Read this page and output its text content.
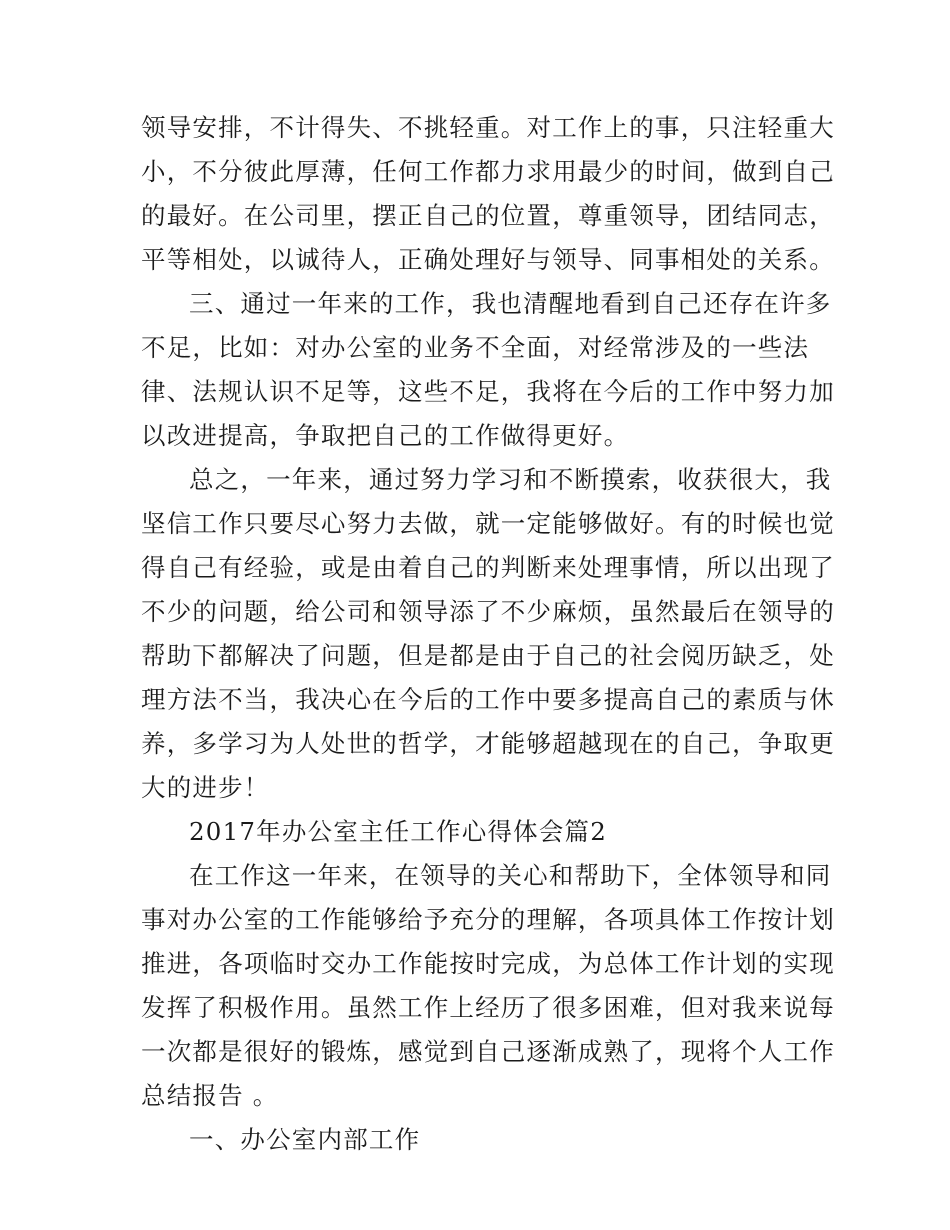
领导安排，不计得失、不挑轻重。对工作上的事，只注轻重大
小，不分彼此厚薄，任何工作都力求用最少的时间，做到自己
的最好。在公司里，摆正自己的位置，尊重领导，团结同志，
平等相处，以诚待人，正确处理好与领导、同事相处的关系。
三、通过一年来的工作，我也清醒地看到自己还存在许多
不足，比如：对办公室的业务不全面，对经常涉及的一些法
律、法规认识不足等，这些不足，我将在今后的工作中努力加
以改进提高，争取把自己的工作做得更好。
总之，一年来，通过努力学习和不断摸索，收获很大，我
坚信工作只要尽心努力去做，就一定能够做好。有的时候也觉
得自己有经验，或是由着自己的判断来处理事情，所以出现了
不少的问题，给公司和领导添了不少麻烦，虽然最后在领导的
帮助下都解决了问题，但是都是由于自己的社会阅历缺乏，处
理方法不当，我决心在今后的工作中要多提高自己的素质与休
养，多学习为人处世的哲学，才能够超越现在的自己，争取更
大的进步！
2017年办公室主任工作心得体会篇2
在工作这一年来，在领导的关心和帮助下，全体领导和同
事对办公室的工作能够给予充分的理解，各项具体工作按计划
推进，各项临时交办工作能按时完成，为总体工作计划的实现
发挥了积极作用。虽然工作上经历了很多困难，但对我来说每
一次都是很好的锻炼，感觉到自己逐渐成熟了，现将个人工作
总结报告 。
一、办公室内部工作
